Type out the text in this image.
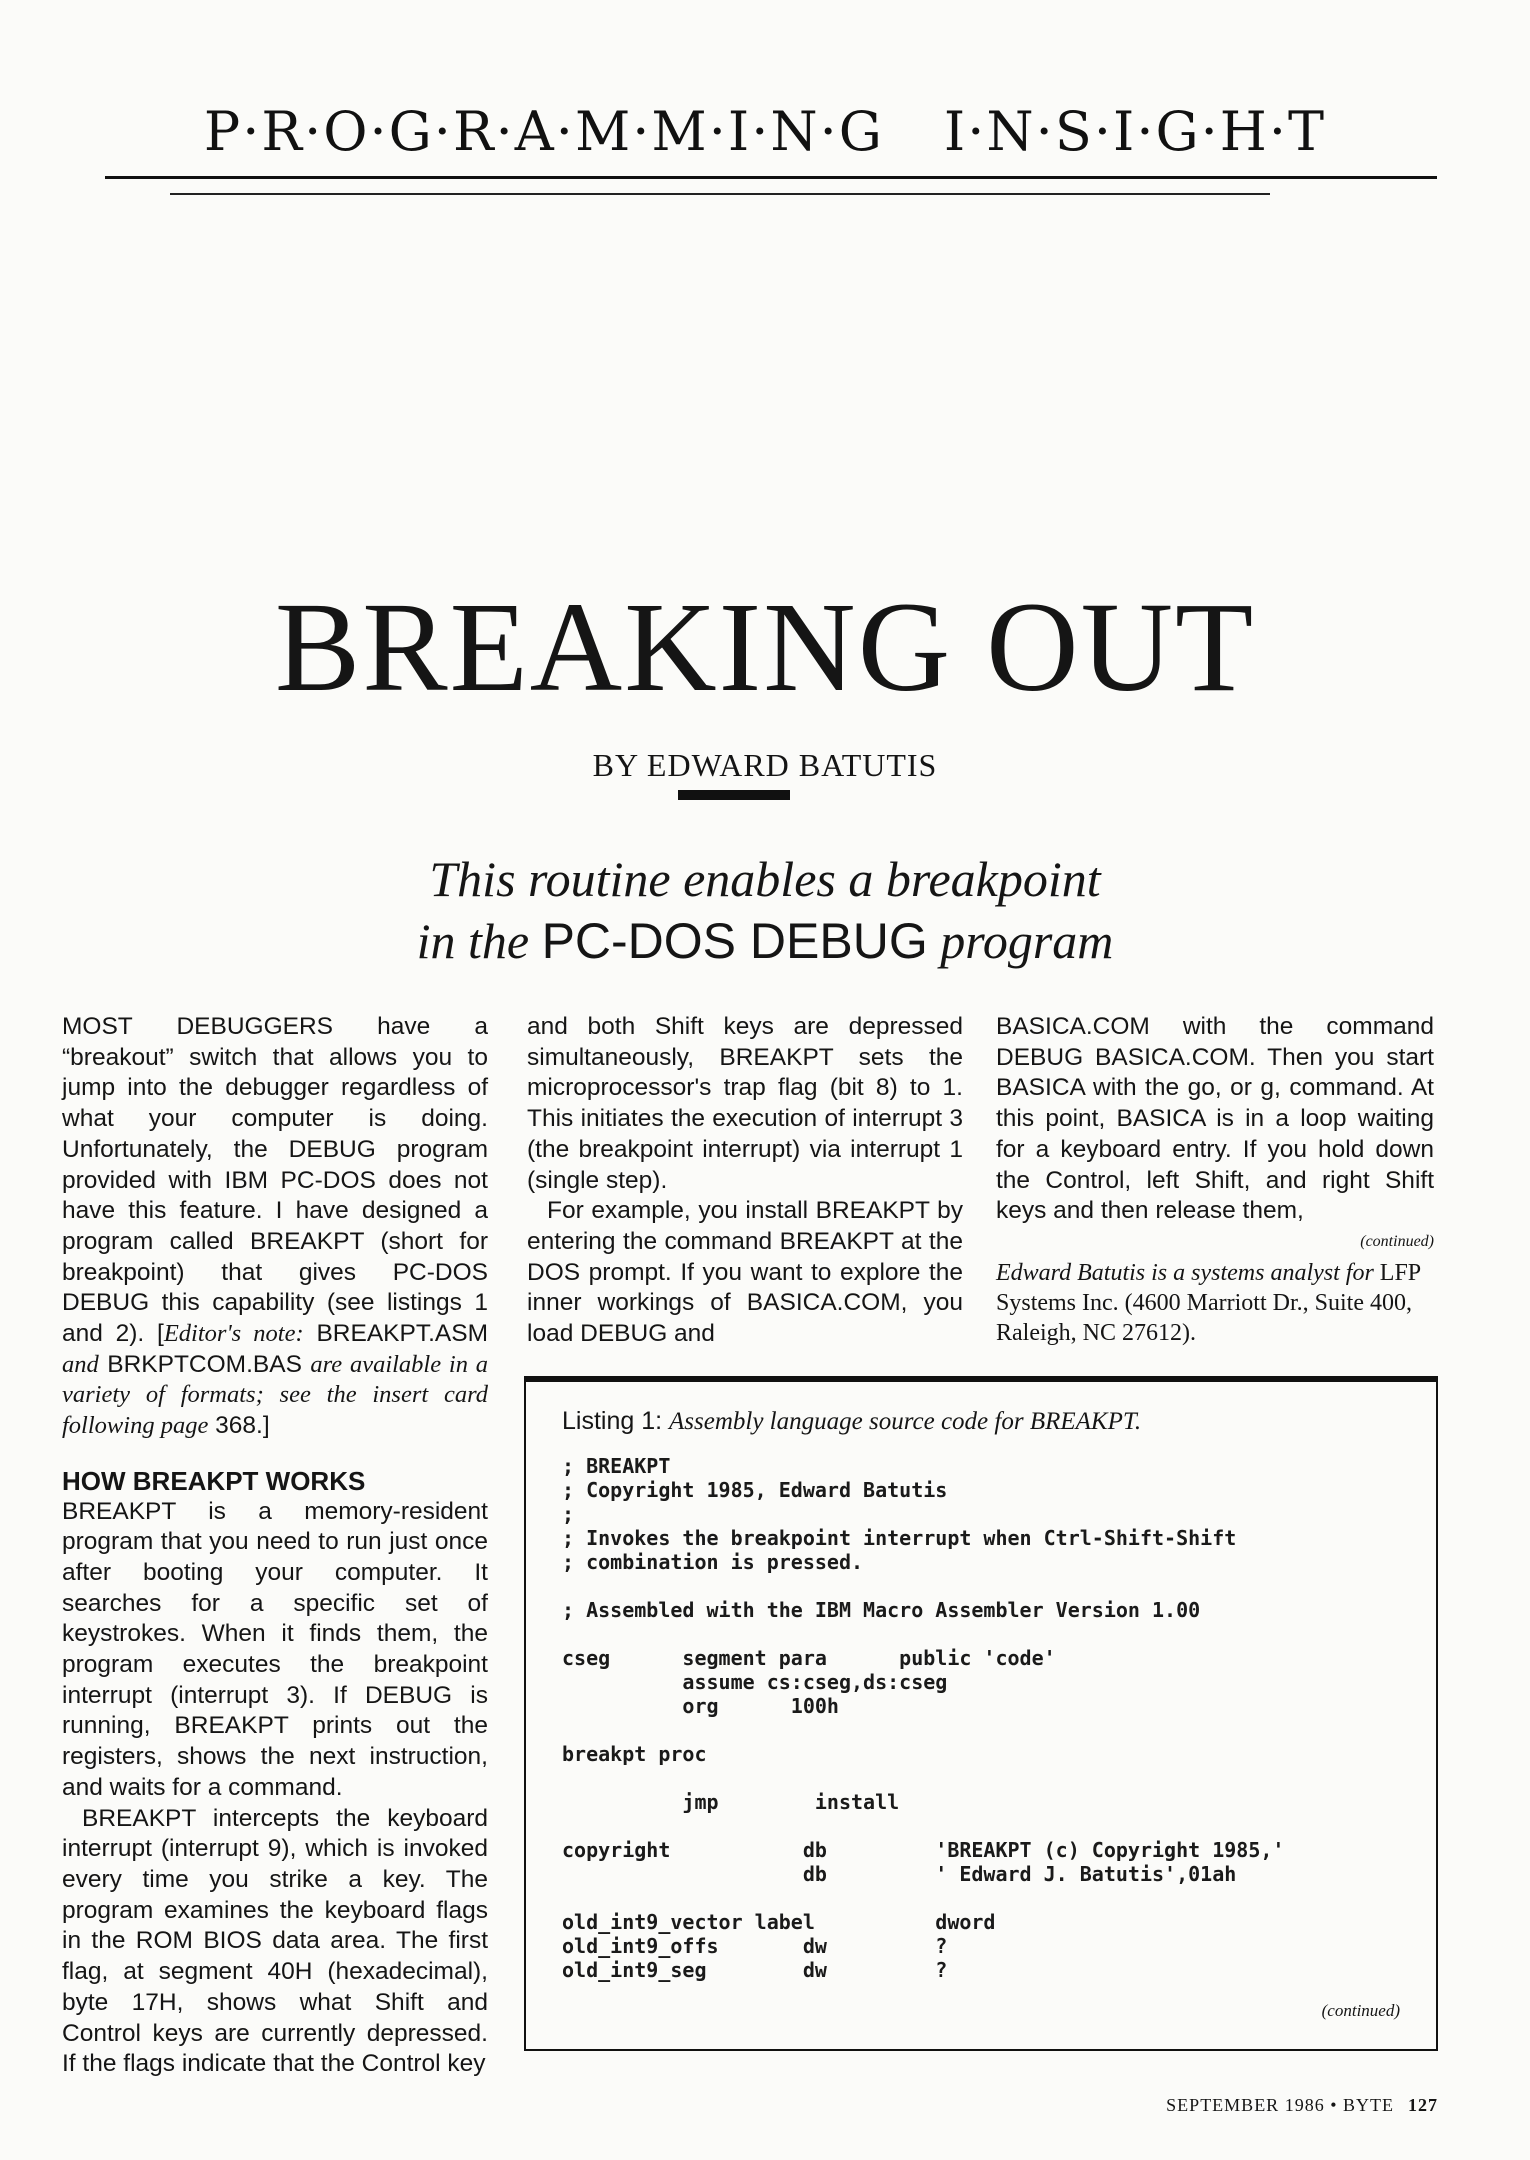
P·R·O·G·R·A·M·M·I·N·G I·N·S·I·G·H·T
BREAKING OUT
BY EDWARD BATUTIS
This routine enables a breakpoint
in the PC-DOS DEBUG program

MOST DEBUGGERS have a “breakout” switch that allows you to jump into the debugger regardless of what your computer is doing. Unfortunately, the DEBUG program provided with IBM PC-DOS does not have this feature. I have designed a program called BREAKPT (short for breakpoint) that gives PC-DOS DEBUG this capability (see listings 1 and 2). [Editor's note: BREAKPT.ASM and BRKPTCOM.BAS are available in a variety of formats; see the insert card following page 368.]

HOW BREAKPT WORKS

BREAKPT is a memory-resident program that you need to run just once after booting your computer. It searches for a specific set of keystrokes. When it finds them, the program executes the breakpoint interrupt (interrupt 3). If DEBUG is running, BREAKPT prints out the registers, shows the next instruction, and waits for a command.

BREAKPT intercepts the keyboard interrupt (interrupt 9), which is invoked every time you strike a key. The program examines the keyboard flags in the ROM BIOS data area. The first flag, at segment 40H (hexadecimal), byte 17H, shows what Shift and Control keys are currently depressed. If the flags indicate that the Control key

and both Shift keys are depressed simultaneously, BREAKPT sets the microprocessor's trap flag (bit 8) to 1. This initiates the execution of interrupt 3 (the breakpoint interrupt) via interrupt 1 (single step).

For example, you install BREAKPT by entering the command BREAKPT at the DOS prompt. If you want to explore the inner workings of BASICA.COM, you load DEBUG and

BASICA.COM with the command DEBUG BASICA.COM. Then you start BASICA with the go, or g, command. At this point, BASICA is in a loop waiting for a keyboard entry. If you hold down the Control, left Shift, and right Shift keys and then release them,

(continued)

Edward Batutis is a systems analyst for LFP Systems Inc. (4600 Marriott Dr., Suite 400, Raleigh, NC 27612).

Listing 1: Assembly language source code for BREAKPT.
; BREAKPT
; Copyright 1985, Edward Batutis
;
; Invokes the breakpoint interrupt when Ctrl-Shift-Shift
; combination is pressed.

; Assembled with the IBM Macro Assembler Version 1.00

cseg      segment para      public 'code'
assume cs:cseg,ds:cseg
org      100h

breakpt proc

jmp        install

copyright           db         'BREAKPT (c) Copyright 1985,'
db         ' Edward J. Batutis',01ah

old_int9_vector label          dword
old_int9_offs       dw         ?
old_int9_seg        dw         ?
(continued)
SEPTEMBER 1986 • BYTE 127
